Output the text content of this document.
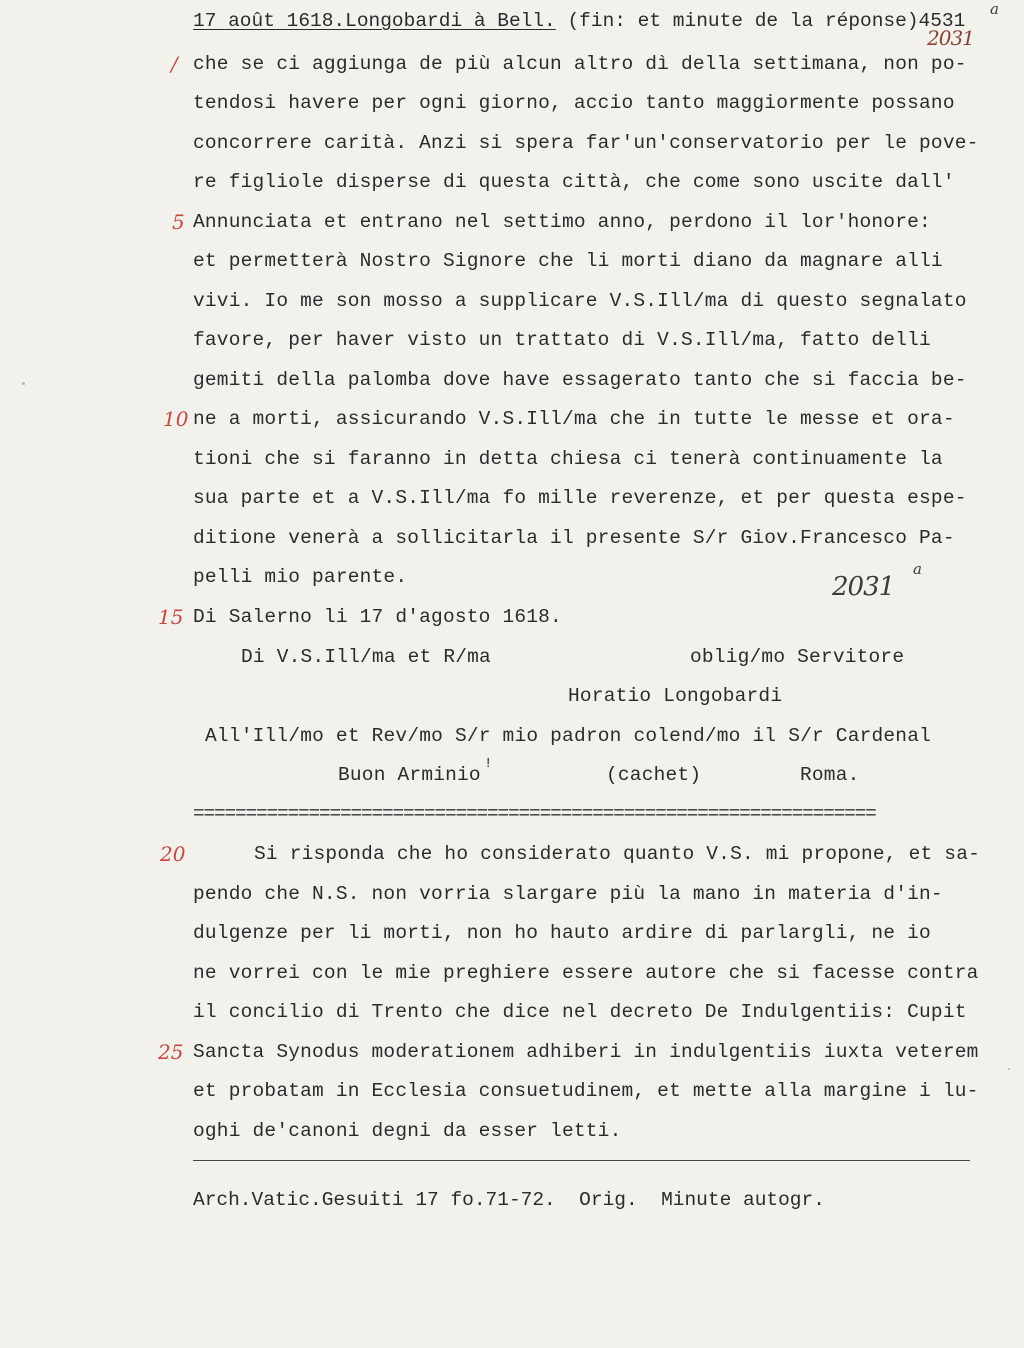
17 août 1618.Longobardi à Bell. (fin: et minute de la réponse)4531
a
2031
che se ci aggiunga de più alcun altro dì della settimana, non po-
tendosi havere per ogni giorno, accio tanto maggiormente possano
concorrere carità. Anzi si spera far'un'conservatorio per le pove-
re figliole disperse di questa città, che come sono uscite dall'
Annunciata et entrano nel settimo anno, perdono il lor'honore:
et permetterà Nostro Signore che li morti diano da magnare alli
vivi. Io me son mosso a supplicare V.S.Ill/ma di questo segnalato
favore, per haver visto un trattato di V.S.Ill/ma, fatto delli
gemiti della palomba dove have essagerato tanto che si faccia be-
ne a morti, assicurando V.S.Ill/ma che in tutte le messe et ora-
tioni che si faranno in detta chiesa ci tenerà continuamente la
sua parte et a V.S.Ill/ma fo mille reverenze, et per questa espe-
ditione venerà a sollicitarla il presente S/r Giov.Francesco Pa-
pelli mio parente.
/
5
10
15
20
25
2031
a
Di Salerno li 17 d'agosto 1618.
Di V.S.Ill/ma et R/ma	oblig/mo Servitore
Horatio Longobardi
All'Ill/mo et Rev/mo S/r mio padron colend/mo il S/r Cardenal
Buon Arminio !	(cachet)	Roma.
=================================================================
Si risponda che ho considerato quanto V.S. mi propone, et sa-
pendo che N.S. non vorria slargare più la mano in materia d'in-
dulgenze per li morti, non ho hauto ardire di parlargli, ne io
ne vorrei con le mie preghiere essere autore che si facesse contra
il concilio di Trento che dice nel decreto De Indulgentiis: Cupit
Sancta Synodus moderationem adhiberi in indulgentiis iuxta veterem
et probatam in Ecclesia consuetudinem, et mette alla margine i lu-
oghi de'canoni degni da esser letti.
Arch.Vatic.Gesuiti 17 fo.71-72.  Orig.  Minute autogr.
